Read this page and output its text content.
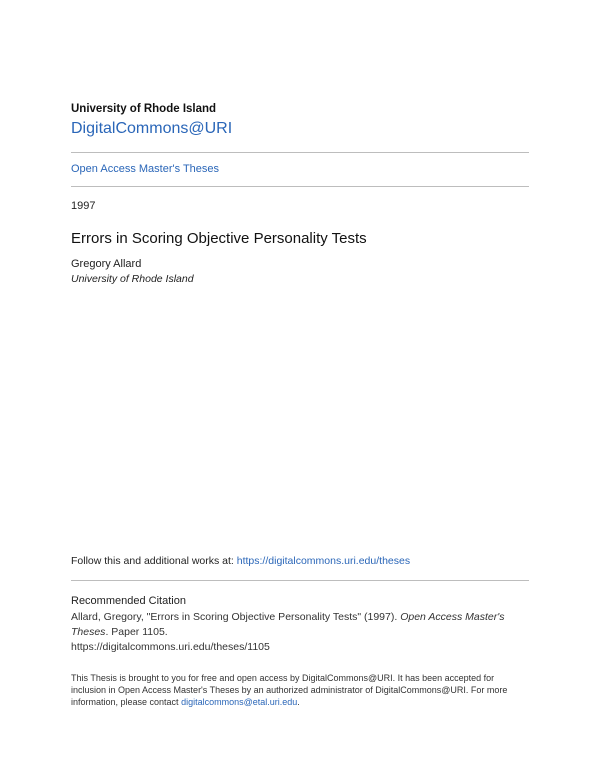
University of Rhode Island
DigitalCommons@URI
Open Access Master's Theses
1997
Errors in Scoring Objective Personality Tests
Gregory Allard
University of Rhode Island
Follow this and additional works at: https://digitalcommons.uri.edu/theses
Recommended Citation
Allard, Gregory, "Errors in Scoring Objective Personality Tests" (1997). Open Access Master's Theses. Paper 1105.
https://digitalcommons.uri.edu/theses/1105
This Thesis is brought to you for free and open access by DigitalCommons@URI. It has been accepted for inclusion in Open Access Master's Theses by an authorized administrator of DigitalCommons@URI. For more information, please contact digitalcommons@etal.uri.edu.
